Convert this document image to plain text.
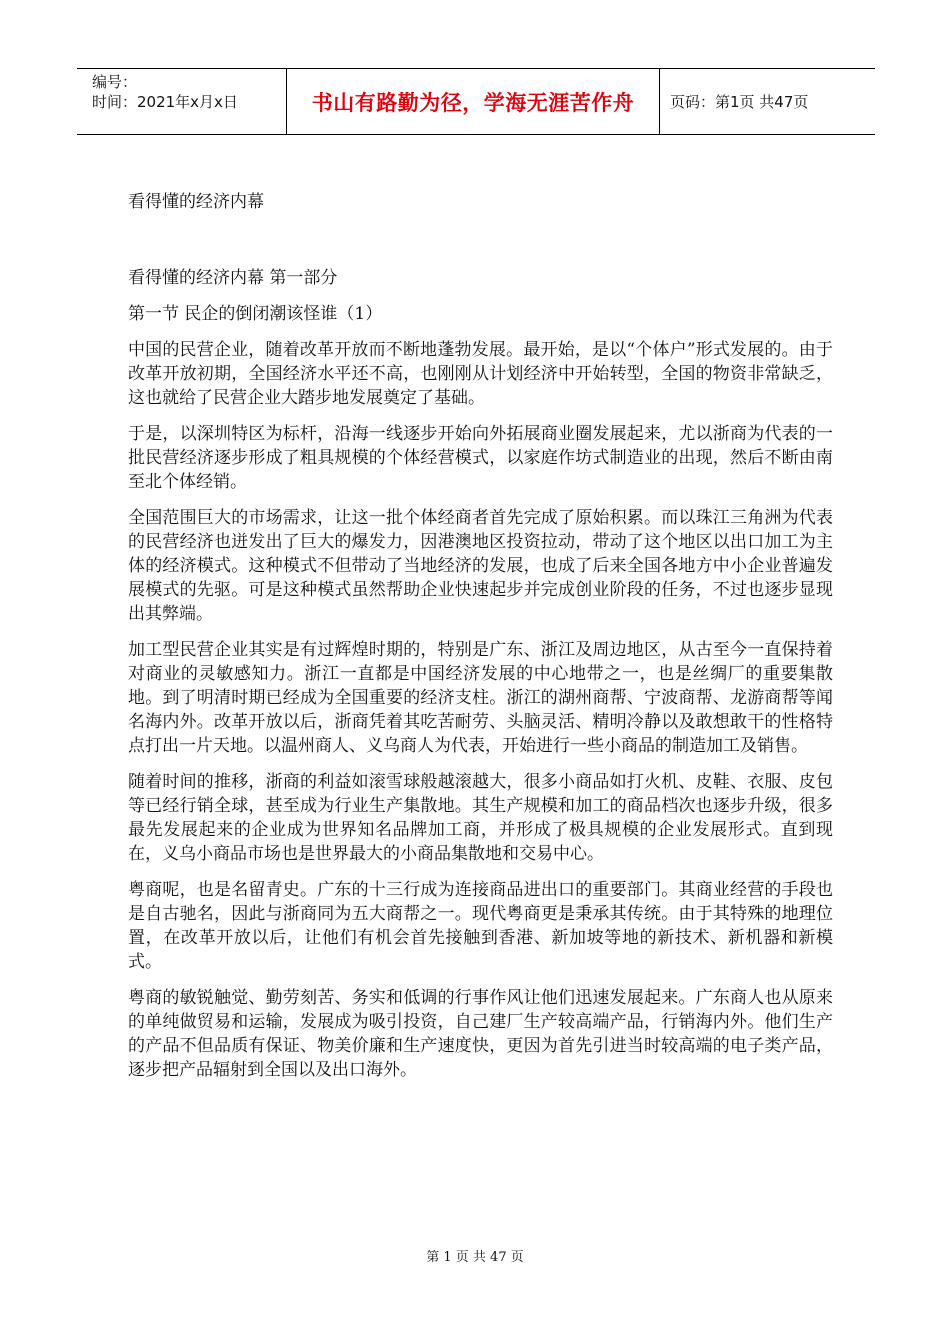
编号：
时间：2021年x月x日	书山有路勤为径，学海无涯苦作舟 页码：第1页 共47页

看得懂的经济内幕

看得懂的经济内幕 第一部分

第一节 民企的倒闭潮该怪谁（1）

中国的民营企业，随着改革开放而不断地蓬勃发展。最开始，是以“个体户”形式发展的。由于改革开放初期，全国经济水平还不高，也刚刚从计划经济中开始转型，全国的物资非常缺乏，这也就给了民营企业大踏步地发展奠定了基础。

于是，以深圳特区为标杆，沿海一线逐步开始向外拓展商业圈发展起来，尤以浙商为代表的一批民营经济逐步形成了粗具规模的个体经营模式，以家庭作坊式制造业的出现，然后不断由南至北个体经销。

全国范围巨大的市场需求，让这一批个体经商者首先完成了原始积累。而以珠江三角洲为代表的民营经济也迸发出了巨大的爆发力，因港澳地区投资拉动，带动了这个地区以出口加工为主体的经济模式。这种模式不但带动了当地经济的发展，也成了后来全国各地方中小企业普遍发展模式的先驱。可是这种模式虽然帮助企业快速起步并完成创业阶段的任务，不过也逐步显现出其弊端。

加工型民营企业其实是有过辉煌时期的，特别是广东、浙江及周边地区，从古至今一直保持着对商业的灵敏感知力。浙江一直都是中国经济发展的中心地带之一，也是丝绸厂的重要集散地。到了明清时期已经成为全国重要的经济支柱。浙江的湖州商帮、宁波商帮、龙游商帮等闻名海内外。改革开放以后，浙商凭着其吃苦耐劳、头脑灵活、精明冷静以及敢想敢干的性格特点打出一片天地。以温州商人、义乌商人为代表，开始进行一些小商品的制造加工及销售。

随着时间的推移，浙商的利益如滚雪球般越滚越大，很多小商品如打火机、皮鞋、衣服、皮包等已经行销全球，甚至成为行业生产集散地。其生产规模和加工的商品档次也逐步升级，很多最先发展起来的企业成为世界知名品牌加工商，并形成了极具规模的企业发展形式。直到现在，义乌小商品市场也是世界最大的小商品集散地和交易中心。

粤商呢，也是名留青史。广东的十三行成为连接商品进出口的重要部门。其商业经营的手段也是自古驰名，因此与浙商同为五大商帮之一。现代粤商更是秉承其传统。由于其特殊的地理位置，在改革开放以后，让他们有机会首先接触到香港、新加坡等地的新技术、新机器和新模式。

粤商的敏锐触觉、勤劳刻苦、务实和低调的行事作风让他们迅速发展起来。广东商人也从原来的单纯做贸易和运输，发展成为吸引投资，自己建厂生产较高端产品，行销海内外。他们生产的产品不但品质有保证、物美价廉和生产速度快，更因为首先引进当时较高端的电子类产品，逐步把产品辐射到全国以及出口海外。

第 1 页 共 47 页
